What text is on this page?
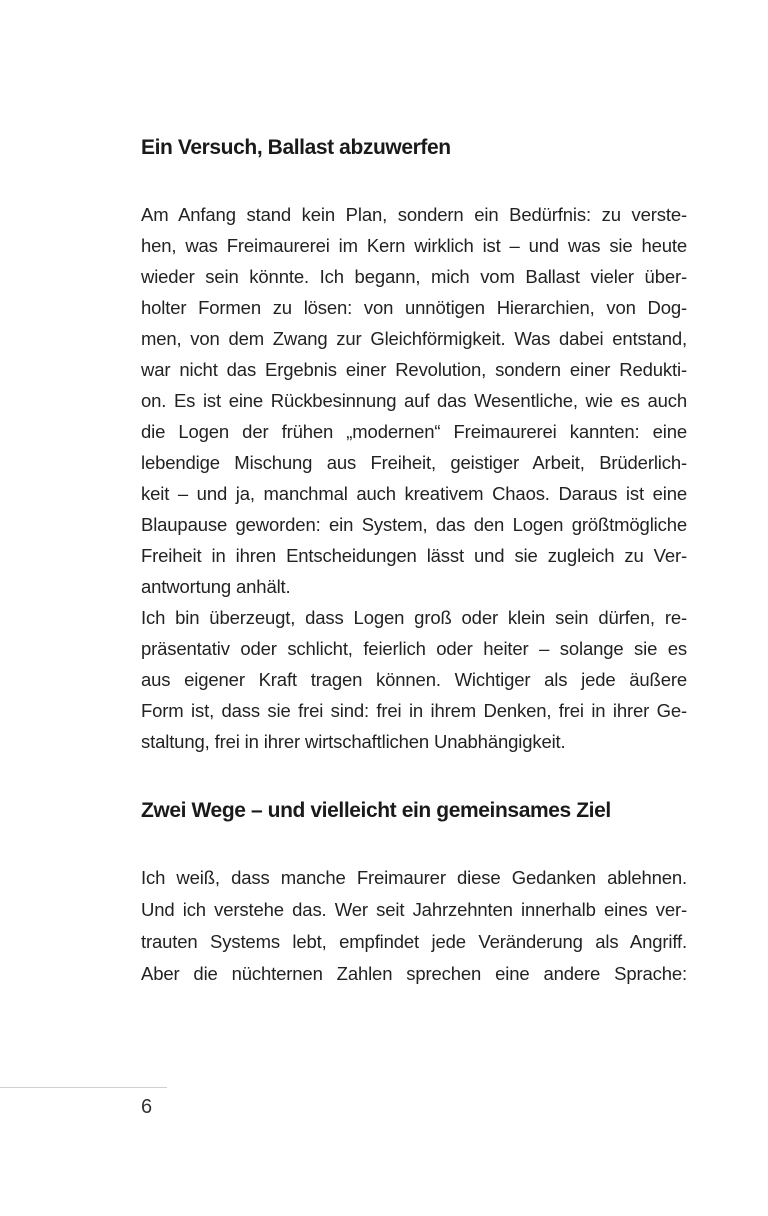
Ein Versuch, Ballast abzuwerfen
Am Anfang stand kein Plan, sondern ein Bedürfnis: zu verste-
hen, was Freimaurerei im Kern wirklich ist – und was sie heute
wieder sein könnte. Ich begann, mich vom Ballast vieler über-
holter Formen zu lösen: von unnötigen Hierarchien, von Dog-
men, von dem Zwang zur Gleichförmigkeit. Was dabei entstand,
war nicht das Ergebnis einer Revolution, sondern einer Redukti-
on. Es ist eine Rückbesinnung auf das Wesentliche, wie es auch
die Logen der frühen „modernen“ Freimaurerei kannten: eine
lebendige Mischung aus Freiheit, geistiger Arbeit, Brüderlich-
keit – und ja, manchmal auch kreativem Chaos. Daraus ist eine
Blaupause geworden: ein System, das den Logen größtmögliche
Freiheit in ihren Entscheidungen lässt und sie zugleich zu Ver-
antwortung anhält.
Ich bin überzeugt, dass Logen groß oder klein sein dürfen, re-
präsentativ oder schlicht, feierlich oder heiter – solange sie es
aus eigener Kraft tragen können. Wichtiger als jede äußere
Form ist, dass sie frei sind: frei in ihrem Denken, frei in ihrer Ge-
staltung, frei in ihrer wirtschaftlichen Unabhängigkeit.
Zwei Wege – und vielleicht ein gemeinsames Ziel
Ich weiß, dass manche Freimaurer diese Gedanken ablehnen.
Und ich verstehe das. Wer seit Jahrzehnten innerhalb eines ver-
trauten Systems lebt, empfindet jede Veränderung als Angriff.
Aber die nüchternen Zahlen sprechen eine andere Sprache:
6
